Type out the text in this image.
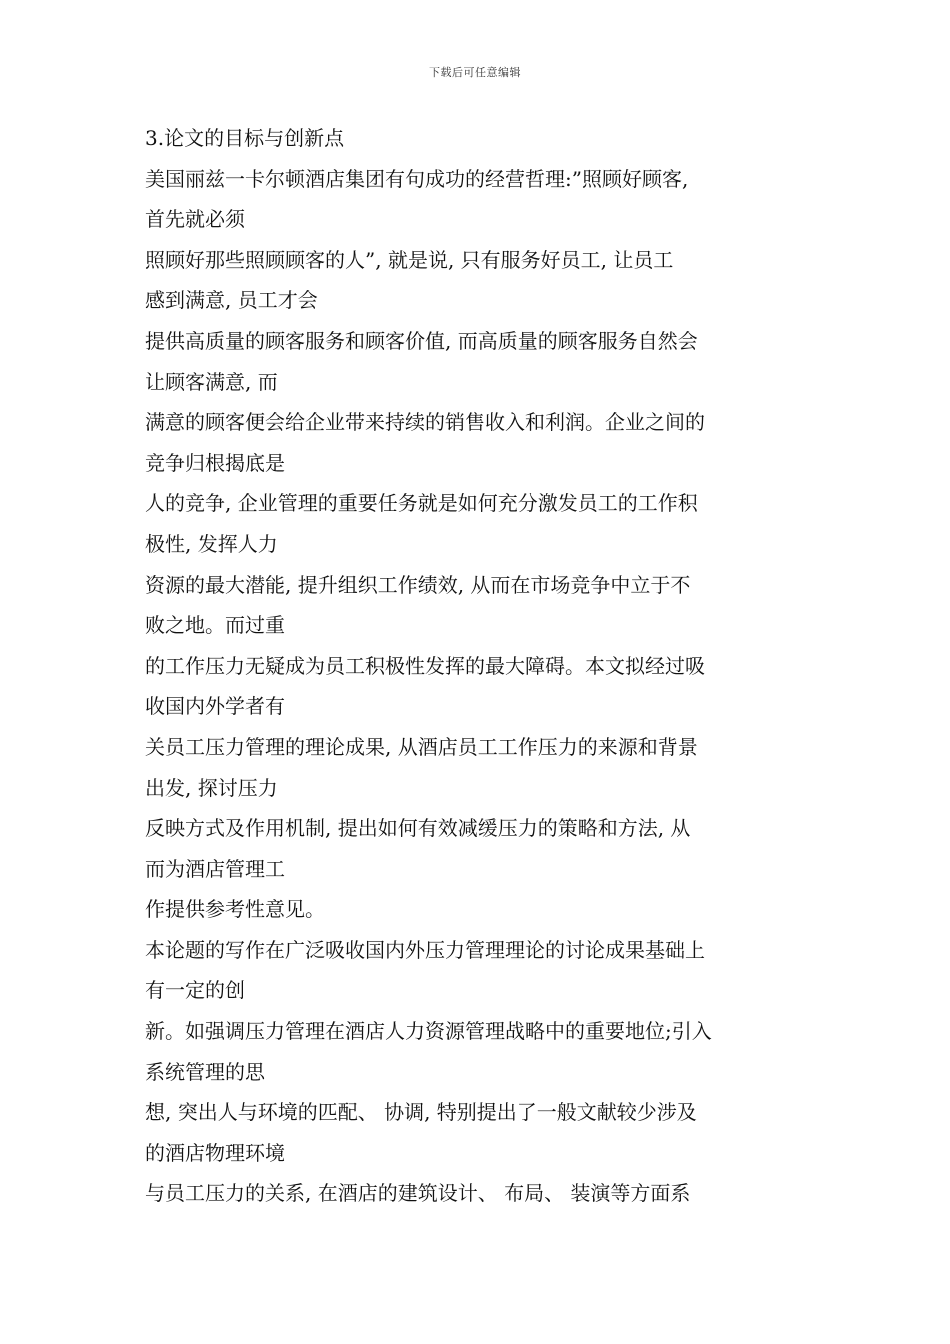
下载后可任意编辑
3.论文的目标与创新点
美国丽兹一卡尔顿酒店集团有句成功的经营哲理:”照顾好顾客,
首先就必须
照顾好那些照顾顾客的人”, 就是说, 只有服务好员工, 让员工
感到满意, 员工才会
提供高质量的顾客服务和顾客价值, 而高质量的顾客服务自然会
让顾客满意, 而
满意的顾客便会给企业带来持续的销售收入和利润。企业之间的
竞争归根揭底是
人的竞争, 企业管理的重要任务就是如何充分激发员工的工作积
极性, 发挥人力
资源的最大潜能, 提升组织工作绩效, 从而在市场竞争中立于不
败之地。而过重
的工作压力无疑成为员工积极性发挥的最大障碍。本文拟经过吸
收国内外学者有
关员工压力管理的理论成果, 从酒店员工工作压力的来源和背景
出发, 探讨压力
反映方式及作用机制, 提出如何有效减缓压力的策略和方法, 从
而为酒店管理工
作提供参考性意见。
本论题的写作在广泛吸收国内外压力管理理论的讨论成果基础上
有一定的创
新。如强调压力管理在酒店人力资源管理战略中的重要地位;引入
系统管理的思
想, 突出人与环境的匹配、 协调, 特别提出了一般文献较少涉及
的酒店物理环境
与员工压力的关系, 在酒店的建筑设计、 布局、 装演等方面系
